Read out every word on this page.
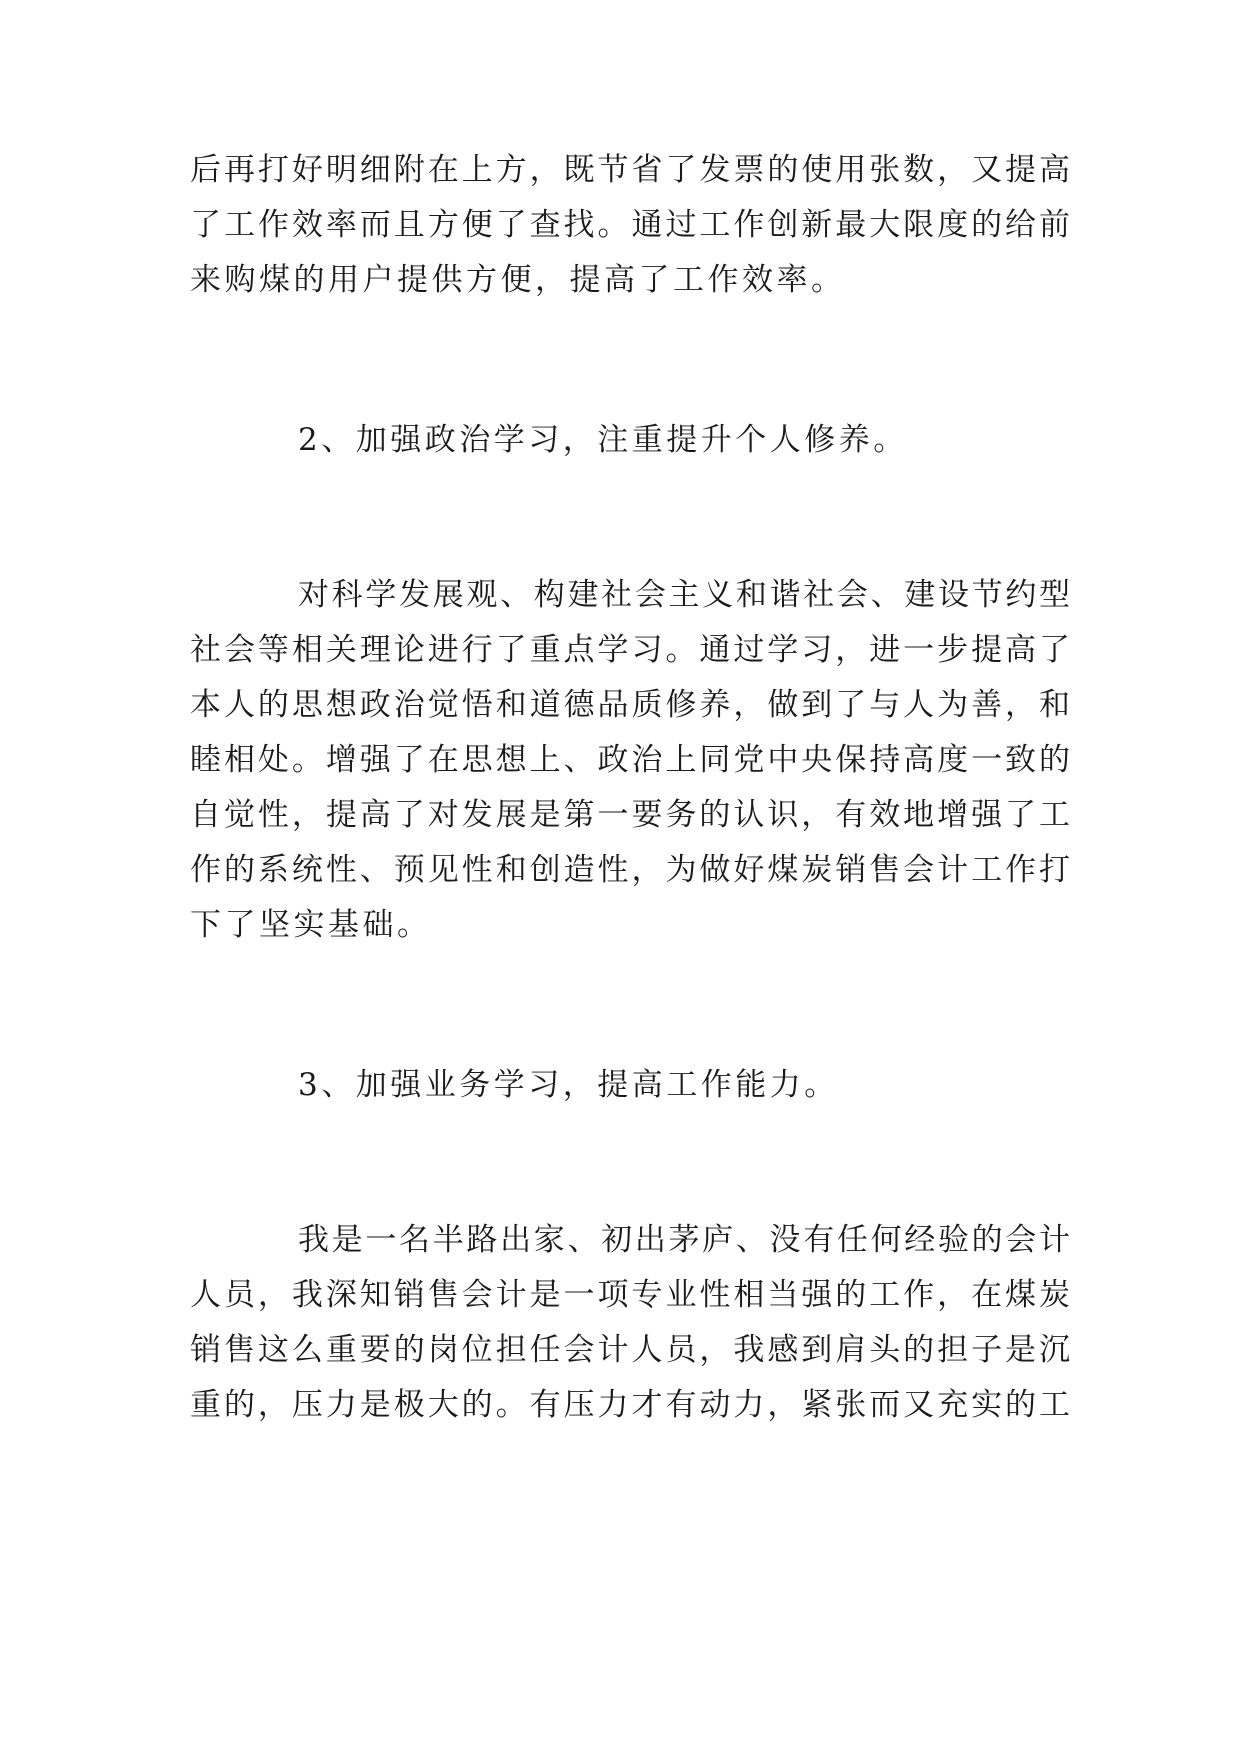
后再打好明细附在上方，既节省了发票的使用张数，又提高
了工作效率而且方便了查找。通过工作创新最大限度的给前
来购煤的用户提供方便，提高了工作效率。
2、加强政治学习，注重提升个人修养。
对科学发展观、构建社会主义和谐社会、建设节约型
社会等相关理论进行了重点学习。通过学习，进一步提高了
本人的思想政治觉悟和道德品质修养，做到了与人为善，和
睦相处。增强了在思想上、政治上同党中央保持高度一致的
自觉性，提高了对发展是第一要务的认识，有效地增强了工
作的系统性、预见性和创造性，为做好煤炭销售会计工作打
下了坚实基础。
3、加强业务学习，提高工作能力。
我是一名半路出家、初出茅庐、没有任何经验的会计
人员，我深知销售会计是一项专业性相当强的工作，在煤炭
销售这么重要的岗位担任会计人员，我感到肩头的担子是沉
重的，压力是极大的。有压力才有动力，紧张而又充实的工
